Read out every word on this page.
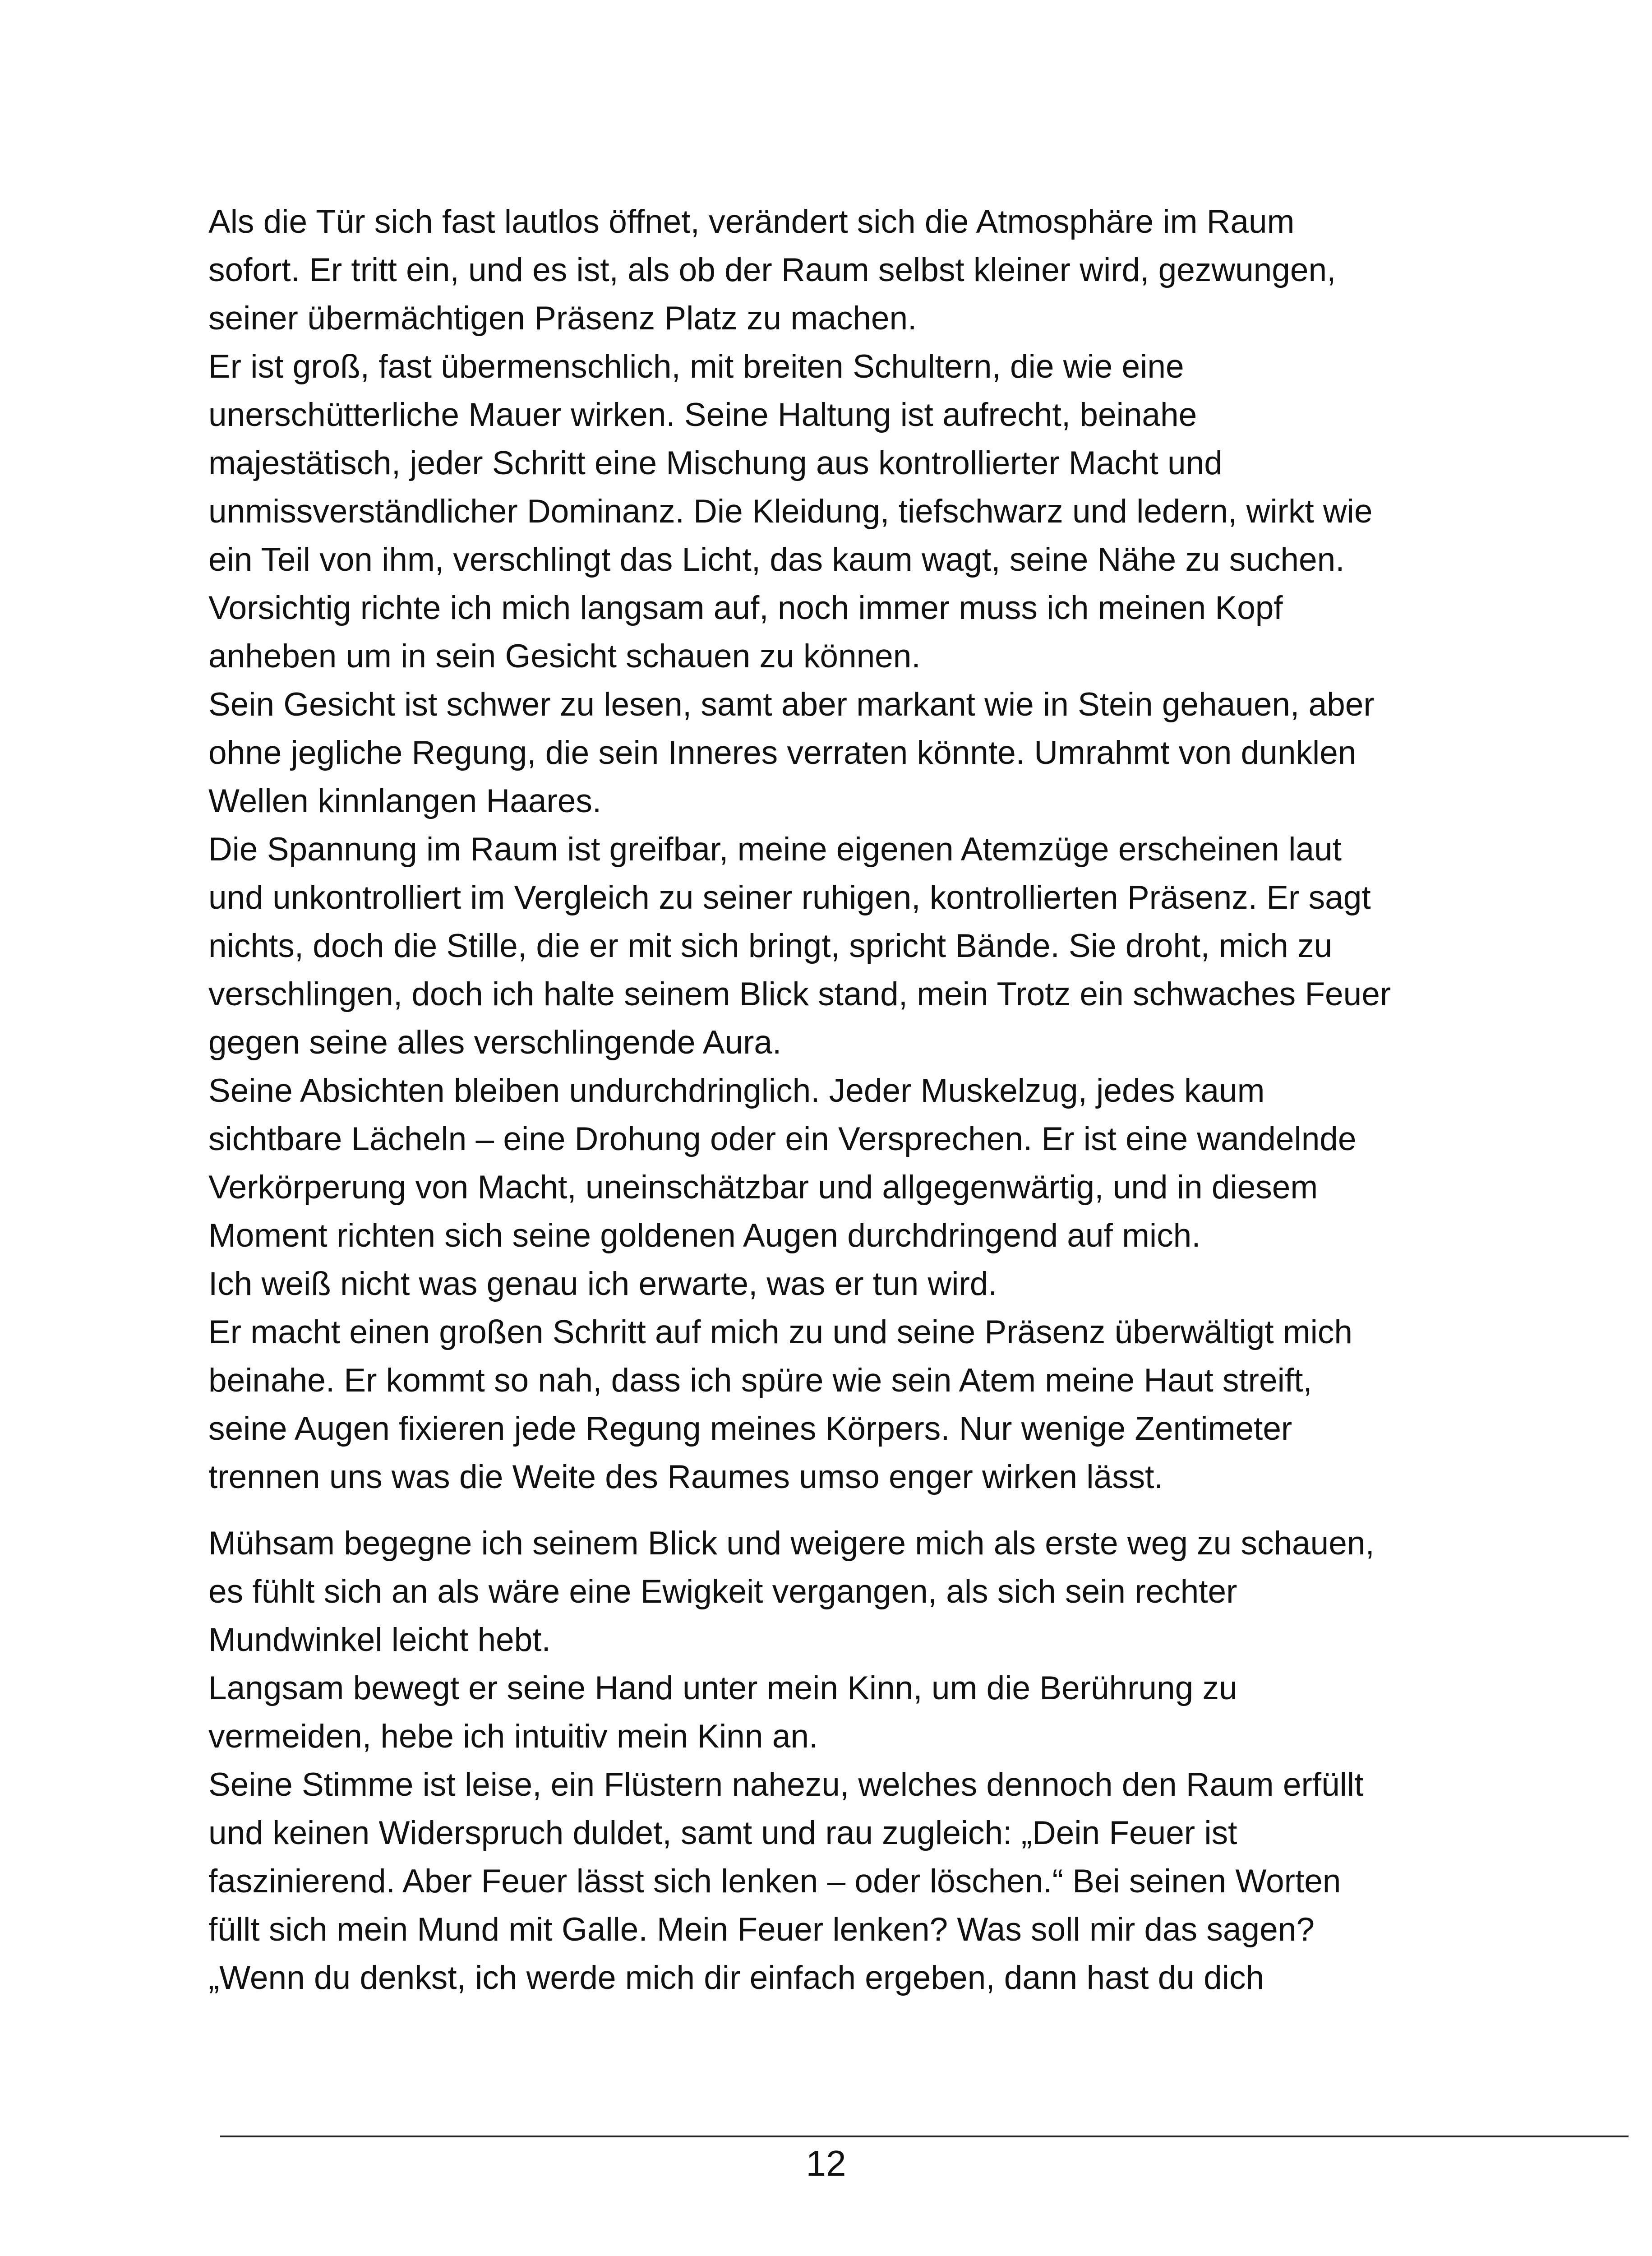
Als die Tür sich fast lautlos öffnet, verändert sich die Atmosphäre im Raum
sofort. Er tritt ein, und es ist, als ob der Raum selbst kleiner wird, gezwungen,
seiner übermächtigen Präsenz Platz zu machen.
Er ist groß, fast übermenschlich, mit breiten Schultern, die wie eine
unerschütterliche Mauer wirken. Seine Haltung ist aufrecht, beinahe
majestätisch, jeder Schritt eine Mischung aus kontrollierter Macht und
unmissverständlicher Dominanz. Die Kleidung, tiefschwarz und ledern, wirkt wie
ein Teil von ihm, verschlingt das Licht, das kaum wagt, seine Nähe zu suchen.
Vorsichtig richte ich mich langsam auf, noch immer muss ich meinen Kopf
anheben um in sein Gesicht schauen zu können.
Sein Gesicht ist schwer zu lesen, samt aber markant wie in Stein gehauen, aber
ohne jegliche Regung, die sein Inneres verraten könnte. Umrahmt von dunklen
Wellen kinnlangen Haares.
Die Spannung im Raum ist greifbar, meine eigenen Atemzüge erscheinen laut
und unkontrolliert im Vergleich zu seiner ruhigen, kontrollierten Präsenz. Er sagt
nichts, doch die Stille, die er mit sich bringt, spricht Bände. Sie droht, mich zu
verschlingen, doch ich halte seinem Blick stand, mein Trotz ein schwaches Feuer
gegen seine alles verschlingende Aura.
Seine Absichten bleiben undurchdringlich. Jeder Muskelzug, jedes kaum
sichtbare Lächeln – eine Drohung oder ein Versprechen. Er ist eine wandelnde
Verkörperung von Macht, uneinschätzbar und allgegenwärtig, und in diesem
Moment richten sich seine goldenen Augen durchdringend auf mich.
Ich weiß nicht was genau ich erwarte, was er tun wird.
Er macht einen großen Schritt auf mich zu und seine Präsenz überwältigt mich
beinahe. Er kommt so nah, dass ich spüre wie sein Atem meine Haut streift,
seine Augen fixieren jede Regung meines Körpers. Nur wenige Zentimeter
trennen uns was die Weite des Raumes umso enger wirken lässt.
Mühsam begegne ich seinem Blick und weigere mich als erste weg zu schauen,
es fühlt sich an als wäre eine Ewigkeit vergangen, als sich sein rechter
Mundwinkel leicht hebt.
Langsam bewegt er seine Hand unter mein Kinn, um die Berührung zu
vermeiden, hebe ich intuitiv mein Kinn an.
Seine Stimme ist leise, ein Flüstern nahezu, welches dennoch den Raum erfüllt
und keinen Widerspruch duldet, samt und rau zugleich: „Dein Feuer ist
faszinierend. Aber Feuer lässt sich lenken – oder löschen.“ Bei seinen Worten
füllt sich mein Mund mit Galle. Mein Feuer lenken? Was soll mir das sagen?
„Wenn du denkst, ich werde mich dir einfach ergeben, dann hast du dich
12
